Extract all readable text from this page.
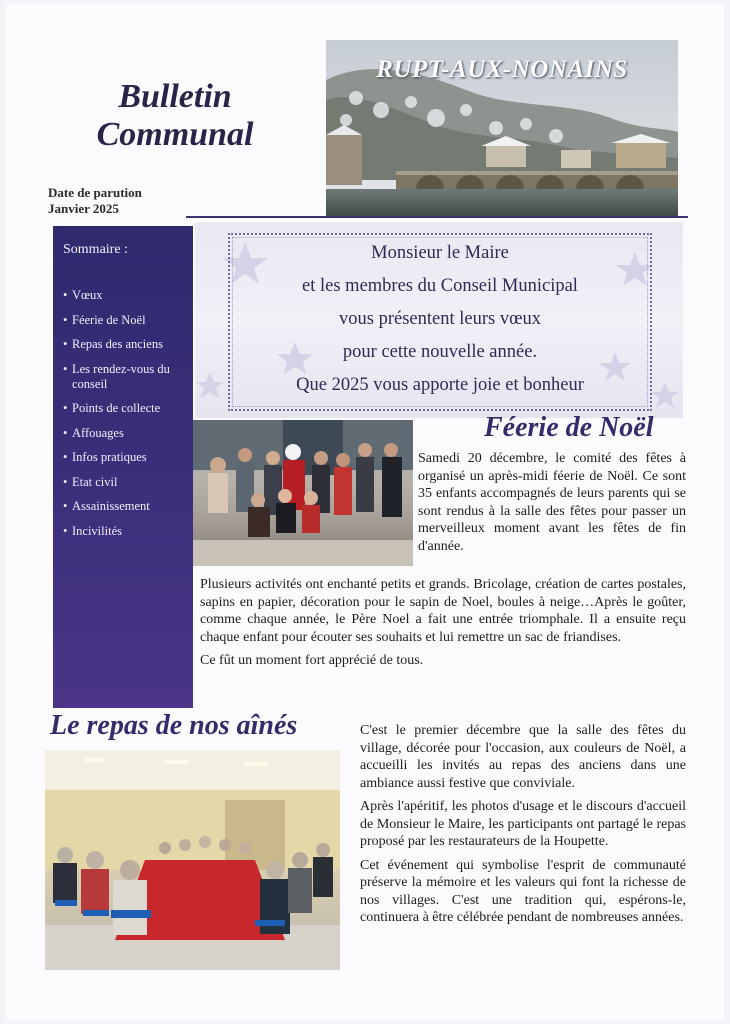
Bulletin
Communal
Date de parution
Janvier 2025
RUPT-AUX-NONAINS
Sommaire :
• Vœux
• Féerie de Noël
• Repas des anciens
• Les rendez-vous du conseil
• Points de collecte
• Affouages
• Infos pratiques
• Etat civil
• Assainissement
• Incivilités
Monsieur le Maire
et les membres du Conseil Municipal
vous présentent leurs vœux
pour cette nouvelle année.
Que 2025 vous apporte joie et bonheur
Féerie de Noël

Samedi 20 décembre, le comité des fêtes à organisé un après-midi féerie de Noël. Ce sont 35 enfants accompagnés de leurs parents qui se sont rendus à la salle des fêtes pour passer un merveilleux moment avant les fêtes de fin d'année.

Plusieurs activités ont enchanté petits et grands. Bricolage, création de cartes postales, sapins en papier, décoration pour le sapin de Noel, boules à neige…Après le goûter, comme chaque année, le Père Noel a fait une entrée triomphale. Il a ensuite reçu chaque enfant pour écouter ses souhaits et lui remettre un sac de friandises.

Ce fût un moment fort apprécié de tous.

Le repas de nos aînés	C'est le premier décembre que la salle des fêtes du village, décorée pour l'occasion, aux couleurs de Noël, a accueilli les invités au repas des anciens dans une ambiance aussi festive que conviviale.

Après l'apéritif, les photos d'usage et le discours d'accueil de Monsieur le Maire, les participants ont partagé le repas proposé par les restaurateurs de la Houpette.

Cet événement qui symbolise l'esprit de communauté préserve la mémoire et les valeurs qui font la richesse de nos villages. C'est une tradition qui, espérons-le, continuera à être célébrée pendant de nombreuses années.
